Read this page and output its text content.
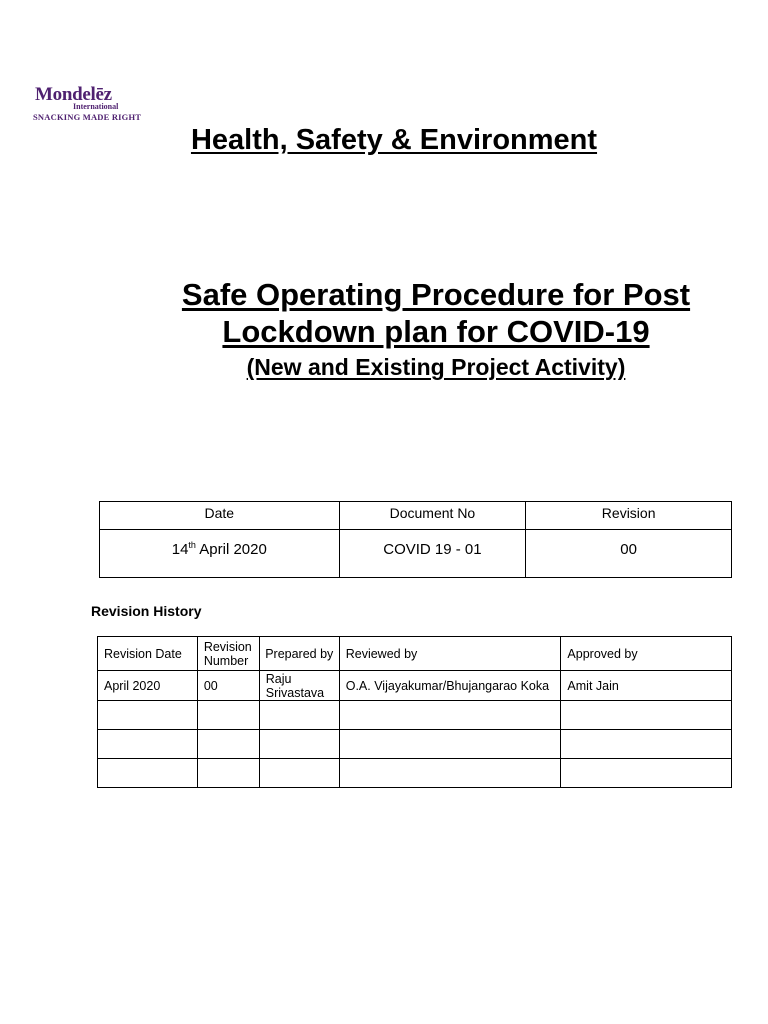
Mondelēz
International
SNACKING MADE RIGHT
Health, Safety & Environment
Safe Operating Procedure for Post
Lockdown plan for COVID-19
(New and Existing Project Activity)
Date	Document No	Revision
14th April 2020	COVID 19 - 01	00
Revision History
Revision Date	Revision Number	Prepared by	Reviewed by	Approved by
April 2020	00	Raju Srivastava	O.A. Vijayakumar/Bhujangarao Koka	Amit Jain
